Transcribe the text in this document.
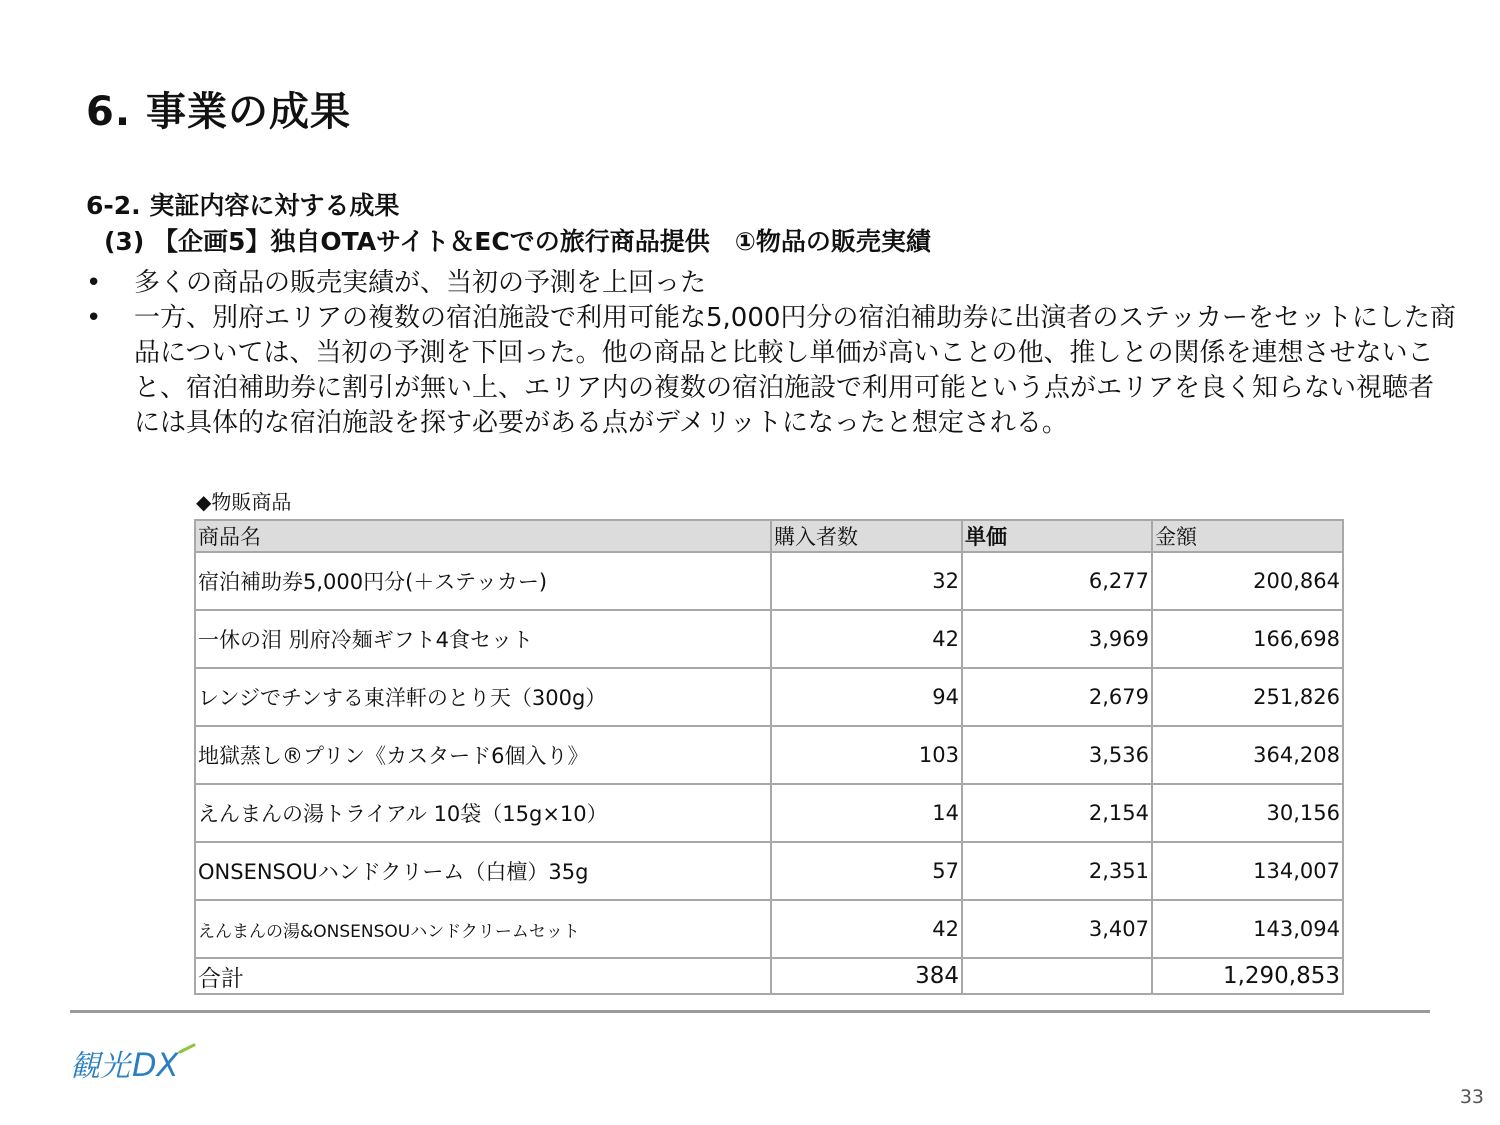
6. 事業の成果
6-2. 実証内容に対する成果
(3) 【企画5】独自OTAサイト＆ECでの旅行商品提供　①物品の販売実績
• 多くの商品の販売実績が、当初の予測を上回った
• 一方、別府エリアの複数の宿泊施設で利用可能な5,000円分の宿泊補助券に出演者のステッカーをセットにした商品については、当初の予測を下回った。他の商品と比較し単価が高いことの他、推しとの関係を連想させないこと、宿泊補助券に割引が無い上、エリア内の複数の宿泊施設で利用可能という点がエリアを良く知らない視聴者には具体的な宿泊施設を探す必要がある点がデメリットになったと想定される。

◆物販商品

商品名	購入者数	単価	金額
宿泊補助券5,000円分(＋ステッカー)	32	6,277	200,864
一休の泪 別府冷麺ギフト4食セット	42	3,969	166,698
レンジでチンする東洋軒のとり天（300g）	94	2,679	251,826
地獄蒸し®プリン《カスタード6個入り》	103	3,536	364,208
えんまんの湯トライアル 10袋（15g×10）	14	2,154	30,156
ONSENSOUハンドクリーム（白檀）35g	57	2,351	134,007
えんまんの湯&ONSENSOUハンドクリームセット	42	3,407	143,094
合計	384		1,290,853
観光 DX
33
